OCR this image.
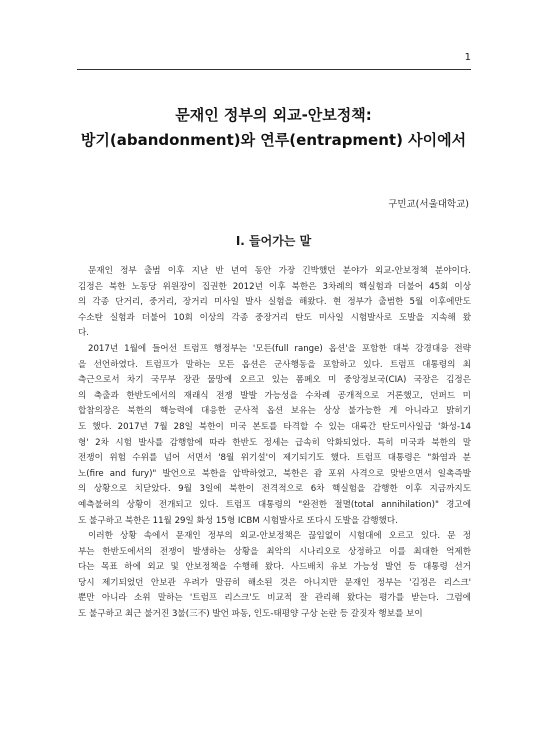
1
문재인 정부의 외교-안보정책:
방기(abandonment)와 연루(entrapment) 사이에서
구민교(서울대학교)
I. 들어가는 말
문재인 정부 출범 이후 지난 반 년여 동안 가장 긴박했던 분야가 외교-안보정책 분야이다.
김정은 북한 노동당 위원장이 집권한 2012년 이후 북한은 3차례의 핵실험과 더불어 45회 이상
의 각종 단거리, 중거리, 장거리 미사일 발사 실험을 해왔다. 현 정부가 출범한 5월 이후에만도
수소탄 실험과 더불어 10회 이상의 각종 중장거리 탄도 미사일 시험발사로 도발을 지속해 왔
다.
2017년 1월에 들어선 트럼프 행정부는 '모든(full range) 옵션'을 포함한 대북 강경대응 전략
을 선언하였다. 트럼프가 말하는 모든 옵션은 군사행동을 포함하고 있다. 트럼프 대통령의 최
측근으로서 차기 국무부 장관 물망에 오르고 있는 폼페오 미 중앙정보국(CIA) 국장은 김정은
의 축출과 한반도에서의 재래식 전쟁 발발 가능성을 수차례 공개적으로 거론했고, 던퍼드 미
합참의장은 북한의 핵능력에 대응한 군사적 옵션 보유는 상상 불가능한 게 아니라고 밝히기
도 했다. 2017년 7월 28일 북한이 미국 본토를 타격할 수 있는 대륙간 탄도미사일급 '화성-14
형' 2차 시험 발사를 감행함에 따라 한반도 정세는 급속히 악화되었다. 특히 미국과 북한의 말
전쟁이 위험 수위를 넘어 서면서 '8월 위기설'이 제기되기도 했다. 트럼프 대통령은 "화염과 분
노(fire and fury)" 발언으로 북한을 압박하였고, 북한은 괌 포위 사격으로 맞받으면서 일촉즉발
의 상황으로 치닫았다. 9월 3일에 북한이 전격적으로 6차 핵실험을 감행한 이후 지금까지도
예측불허의 상황이 전개되고 있다. 트럼프 대통령의 "완전한 절멸(total annihilation)" 경고에
도 불구하고 북한은 11월 29일 화성 15형 ICBM 시험발사로 또다시 도발을 감행했다.
이러한 상황 속에서 문재인 정부의 외교-안보정책은 끊임없이 시험대에 오르고 있다. 문 정
부는 한반도에서의 전쟁이 발생하는 상황을 최악의 시나리오로 상정하고 이를 최대한 억제한
다는 목표 하에 외교 및 안보정책을 수행해 왔다. 사드배치 유보 가능성 발언 등 대통령 선거
당시 제기되었던 안보관 우려가 말끔히 해소된 것은 아니지만 문재인 정부는 '김정은 리스크'
뿐만 아니라 소위 말하는 '트럼프 리스크'도 비교적 잘 관리해 왔다는 평가를 받는다. 그럼에
도 불구하고 최근 불거진 3불(三不) 발언 파동, 인도-태평양 구상 논란 등 갈짓자 행보를 보이
